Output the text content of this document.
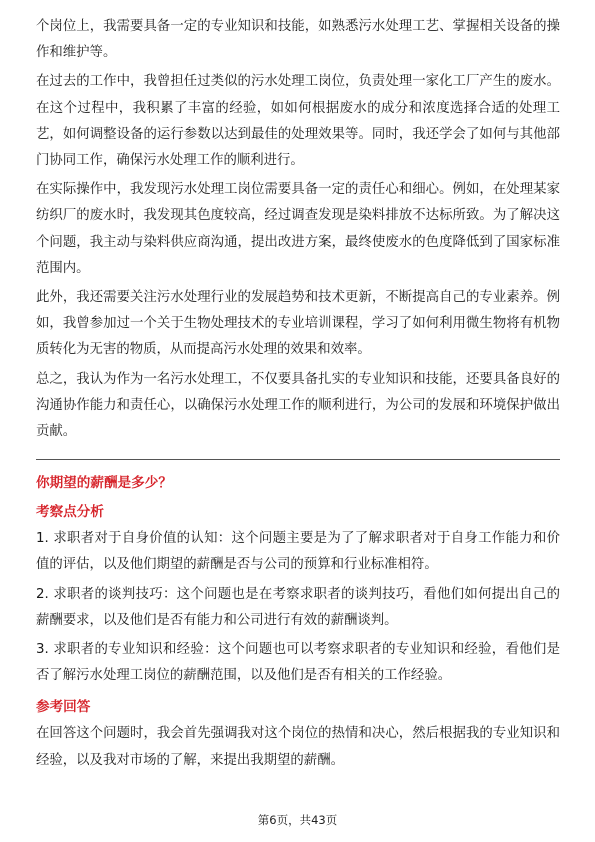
个岗位上，我需要具备一定的专业知识和技能，如熟悉污水处理工艺、掌握相关设备的操作和维护等。

在过去的工作中，我曾担任过类似的污水处理工岗位，负责处理一家化工厂产生的废水。在这个过程中，我积累了丰富的经验，如如何根据废水的成分和浓度选择合适的处理工艺，如何调整设备的运行参数以达到最佳的处理效果等。同时，我还学会了如何与其他部门协同工作，确保污水处理工作的顺利进行。

在实际操作中，我发现污水处理工岗位需要具备一定的责任心和细心。例如，在处理某家纺织厂的废水时，我发现其色度较高，经过调查发现是染料排放不达标所致。为了解决这个问题，我主动与染料供应商沟通，提出改进方案，最终使废水的色度降低到了国家标准范围内。

此外，我还需要关注污水处理行业的发展趋势和技术更新，不断提高自己的专业素养。例如，我曾参加过一个关于生物处理技术的专业培训课程，学习了如何利用微生物将有机物质转化为无害的物质，从而提高污水处理的效果和效率。

总之，我认为作为一名污水处理工，不仅要具备扎实的专业知识和技能，还要具备良好的沟通协作能力和责任心，以确保污水处理工作的顺利进行，为公司的发展和环境保护做出贡献。

你期望的薪酬是多少？
考察点分析

1. 求职者对于自身价值的认知：这个问题主要是为了了解求职者对于自身工作能力和价值的评估，以及他们期望的薪酬是否与公司的预算和行业标准相符。

2. 求职者的谈判技巧：这个问题也是在考察求职者的谈判技巧，看他们如何提出自己的薪酬要求，以及他们是否有能力和公司进行有效的薪酬谈判。

3. 求职者的专业知识和经验：这个问题也可以考察求职者的专业知识和经验，看他们是否了解污水处理工岗位的薪酬范围，以及他们是否有相关的工作经验。

参考回答

在回答这个问题时，我会首先强调我对这个岗位的热情和决心，然后根据我的专业知识和经验，以及我对市场的了解，来提出我期望的薪酬。

第6页，共43页
